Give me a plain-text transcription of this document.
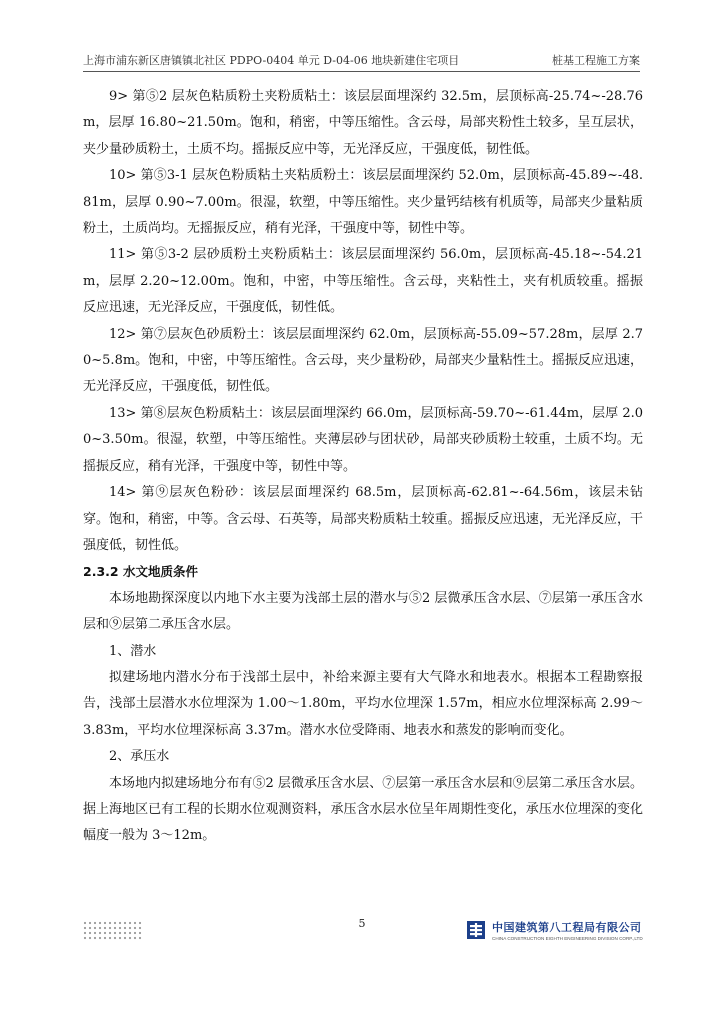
上海市浦东新区唐镇镇北社区 PDPO-0404 单元 D-04-06 地块新建住宅项目	桩基工程施工方案

9> 第⑤2 层灰色粘质粉土夹粉质粘土：该层层面埋深约 32.5m，层顶标高-25.74~-28.76m，层厚 16.80~21.50m。饱和，稍密，中等压缩性。含云母，局部夹粉性土较多，呈互层状，夹少量砂质粉土，土质不均。摇振反应中等，无光泽反应，干强度低，韧性低。

10> 第⑤3-1 层灰色粉质粘土夹粘质粉土：该层层面埋深约 52.0m，层顶标高-45.89~-48.81m，层厚 0.90~7.00m。很湿，软塑，中等压缩性。夹少量钙结核有机质等，局部夹少量粘质粉土，土质尚均。无摇振反应，稍有光泽，干强度中等，韧性中等。

11> 第⑤3-2 层砂质粉土夹粉质粘土：该层层面埋深约 56.0m，层顶标高-45.18~-54.21m，层厚 2.20~12.00m。饱和，中密，中等压缩性。含云母，夹粘性土，夹有机质较重。摇振反应迅速，无光泽反应，干强度低，韧性低。

12> 第⑦层灰色砂质粉土：该层层面埋深约 62.0m，层顶标高-55.09~57.28m，层厚 2.70~5.8m。饱和，中密，中等压缩性。含云母，夹少量粉砂，局部夹少量粘性土。摇振反应迅速，无光泽反应，干强度低，韧性低。

13> 第⑧层灰色粉质粘土：该层层面埋深约 66.0m，层顶标高-59.70~-61.44m，层厚 2.00~3.50m。很湿，软塑，中等压缩性。夹薄层砂与团状砂，局部夹砂质粉土较重，土质不均。无摇振反应，稍有光泽，干强度中等，韧性中等。

14> 第⑨层灰色粉砂：该层层面埋深约 68.5m，层顶标高-62.81~-64.56m，该层未钻穿。饱和，稍密，中等。含云母、石英等，局部夹粉质粘土较重。摇振反应迅速，无光泽反应，干强度低，韧性低。

2.3.2 水文地质条件

本场地勘探深度以内地下水主要为浅部土层的潜水与⑤2 层微承压含水层、⑦层第一承压含水层和⑨层第二承压含水层。

1、潜水

拟建场地内潜水分布于浅部土层中，补给来源主要有大气降水和地表水。根据本工程勘察报告，浅部土层潜水水位埋深为 1.00～1.80m，平均水位埋深 1.57m，相应水位埋深标高 2.99～3.83m，平均水位埋深标高 3.37m。潜水水位受降雨、地表水和蒸发的影响而变化。

2、承压水

本场地内拟建场地分布有⑤2 层微承压含水层、⑦层第一承压含水层和⑨层第二承压含水层。据上海地区已有工程的长期水位观测资料，承压含水层水位呈年周期性变化，承压水位埋深的变化幅度一般为 3～12m。

5	中国建筑第八工程局有限公司
CHINA CONSTRUCTION EIGHTH ENGINEERING DIVISION CORP.,LTD
